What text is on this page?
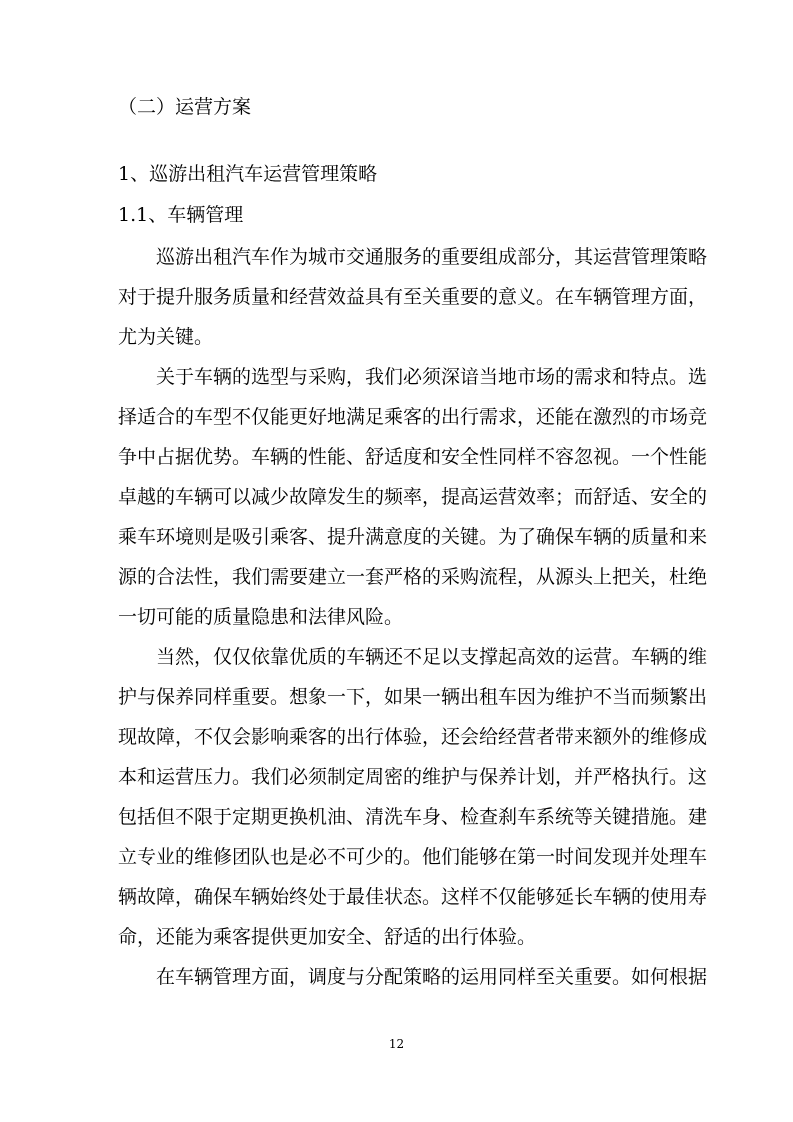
（二）运营方案
1、巡游出租汽车运营管理策略
1.1、车辆管理
巡游出租汽车作为城市交通服务的重要组成部分，其运营管理策略
对于提升服务质量和经营效益具有至关重要的意义。在车辆管理方面，
尤为关键。
关于车辆的选型与采购，我们必须深谙当地市场的需求和特点。选
择适合的车型不仅能更好地满足乘客的出行需求，还能在激烈的市场竞
争中占据优势。车辆的性能、舒适度和安全性同样不容忽视。一个性能
卓越的车辆可以减少故障发生的频率，提高运营效率；而舒适、安全的
乘车环境则是吸引乘客、提升满意度的关键。为了确保车辆的质量和来
源的合法性，我们需要建立一套严格的采购流程，从源头上把关，杜绝
一切可能的质量隐患和法律风险。
当然，仅仅依靠优质的车辆还不足以支撑起高效的运营。车辆的维
护与保养同样重要。想象一下，如果一辆出租车因为维护不当而频繁出
现故障，不仅会影响乘客的出行体验，还会给经营者带来额外的维修成
本和运营压力。我们必须制定周密的维护与保养计划，并严格执行。这
包括但不限于定期更换机油、清洗车身、检查刹车系统等关键措施。建
立专业的维修团队也是必不可少的。他们能够在第一时间发现并处理车
辆故障，确保车辆始终处于最佳状态。这样不仅能够延长车辆的使用寿
命，还能为乘客提供更加安全、舒适的出行体验。
在车辆管理方面，调度与分配策略的运用同样至关重要。如何根据
12
